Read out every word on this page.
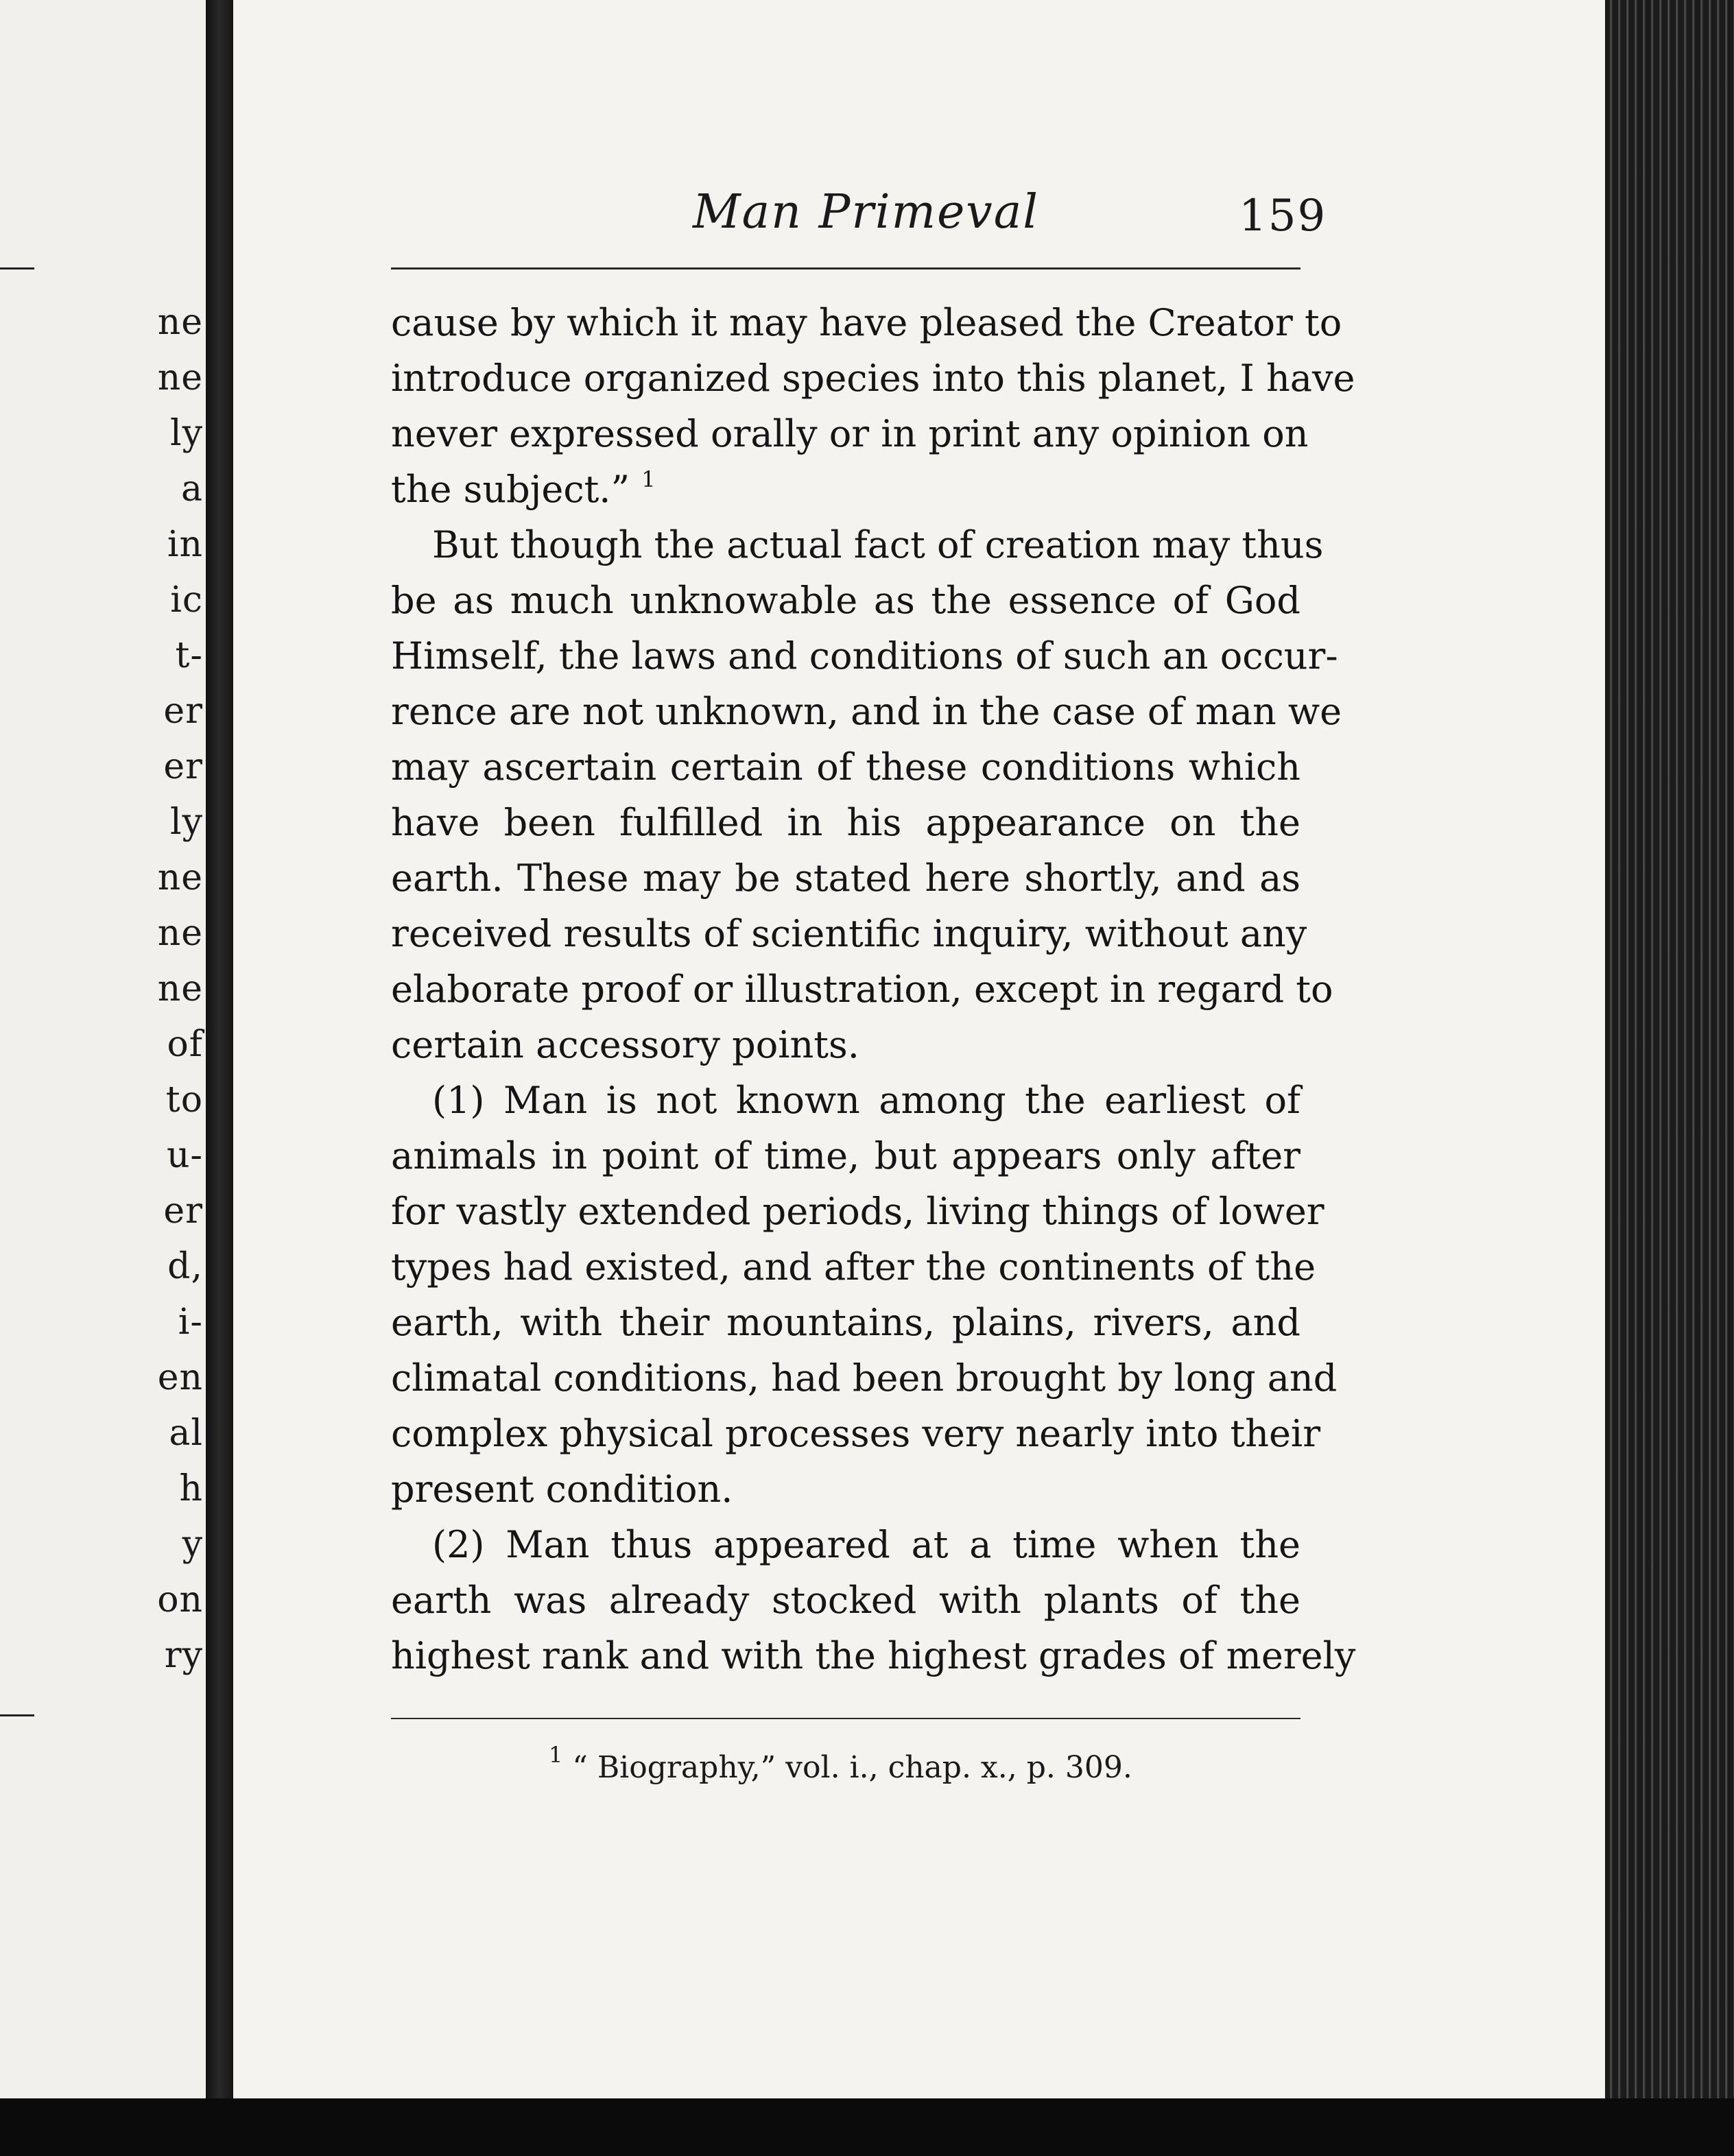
ne
ne
ly
a
in
ic
t-
er
er
ly
ne
ne
ne
of
to
u-
er
d,
i-
en
al
h
y
on
ry
Man Primeval	159
cause by which it may have pleased the Creator to
introduce organized species into this planet, I have
never expressed orally or in print any opinion on
the subject.” $^1$
But though the actual fact of creation may thus
be as much unknowable as the essence of God
Himself, the laws and conditions of such an occur-
rence are not unknown, and in the case of man we
may ascertain certain of these conditions which
have been fulfilled in his appearance on the
earth. These may be stated here shortly, and as
received results of scientific inquiry, without any
elaborate proof or illustration, except in regard to
certain accessory points.
(1) Man is not known among the earliest of
animals in point of time, but appears only after
for vastly extended periods, living things of lower
types had existed, and after the continents of the
earth, with their mountains, plains, rivers, and
climatal conditions, had been brought by long and
complex physical processes very nearly into their
present condition.
(2) Man thus appeared at a time when the
earth was already stocked with plants of the
highest rank and with the highest grades of merely
$^1$ “ Biography,” vol. i., chap. x., p. 309.
